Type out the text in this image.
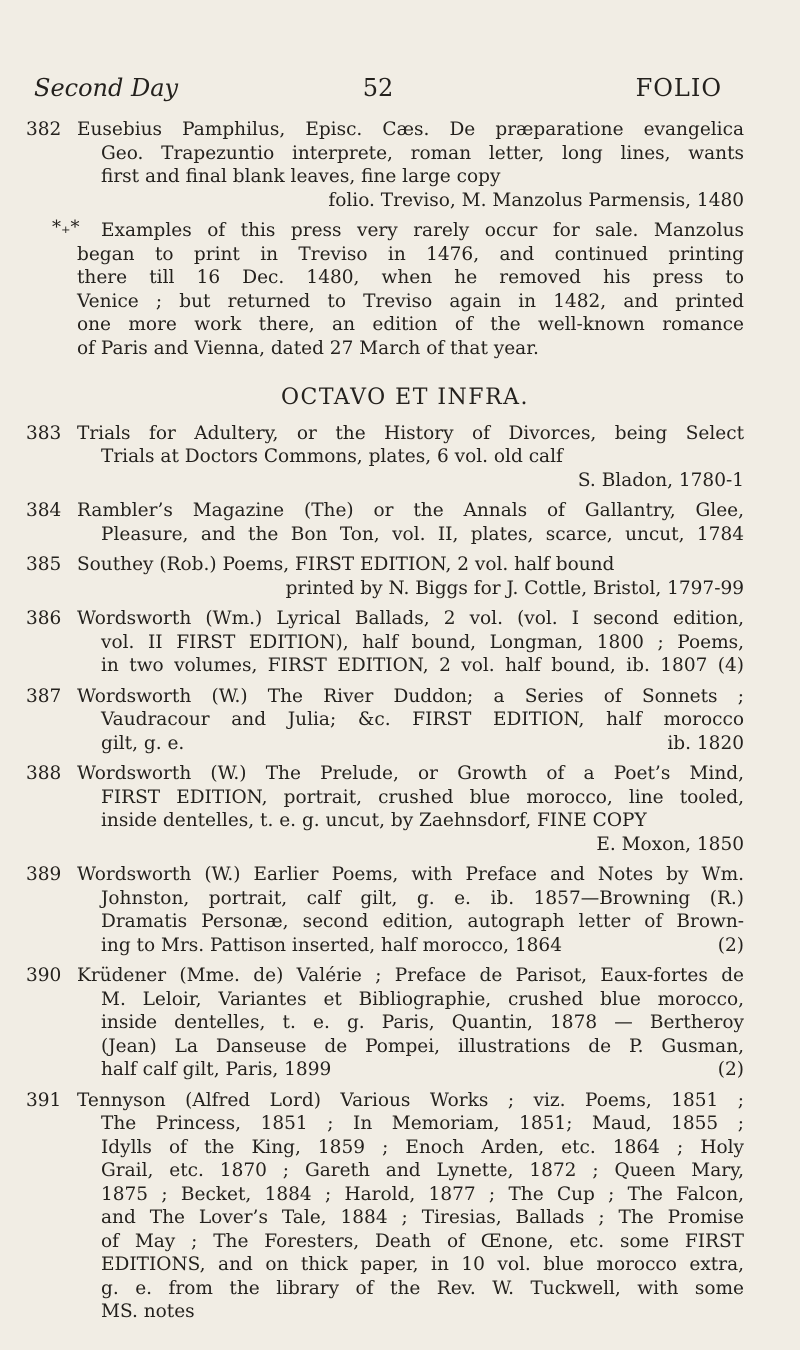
Second Day	52	FOLIO
382 Eusebius Pamphilus, Episc. Cæs. De præparatione evangelica
Geo. Trapezuntio interprete, roman letter, long lines, wants
first and final blank leaves, fine large copy
folio. Treviso, M. Manzolus Parmensis, 1480
*₊*	Examples of this press very rarely occur for sale. Manzolus
began to print in Treviso in 1476, and continued printing
there till 16 Dec. 1480, when he removed his press to
Venice ; but returned to Treviso again in 1482, and printed
one more work there, an edition of the well-known romance
of Paris and Vienna, dated 27 March of that year.
OCTAVO ET INFRA.
383 Trials for Adultery, or the History of Divorces, being Select
Trials at Doctors Commons, plates, 6 vol. old calf
S. Bladon, 1780-1
384 Rambler’s Magazine (The) or the Annals of Gallantry, Glee,
Pleasure, and the Bon Ton, vol. II, plates, scarce, uncut, 1784
385 Southey (Rob.) Poems, FIRST EDITION, 2 vol. half bound
printed by N. Biggs for J. Cottle, Bristol, 1797-99
386 Wordsworth (Wm.) Lyrical Ballads, 2 vol. (vol. I second edition,
vol. II FIRST EDITION), half bound, Longman, 1800 ; Poems,
in two volumes, FIRST EDITION, 2 vol. half bound, ib. 1807 (4)
387 Wordsworth (W.) The River Duddon; a Series of Sonnets ;
Vaudracour and Julia; &c. FIRST EDITION, half morocco
gilt, g. e.	ib. 1820
388 Wordsworth (W.) The Prelude, or Growth of a Poet’s Mind,
FIRST EDITION, portrait, crushed blue morocco, line tooled,
inside dentelles, t. e. g. uncut, by Zaehnsdorf, FINE COPY
E. Moxon, 1850
389 Wordsworth (W.) Earlier Poems, with Preface and Notes by Wm.
Johnston, portrait, calf gilt, g. e. ib. 1857—Browning (R.)
Dramatis Personæ, second edition, autograph letter of Brown-
ing to Mrs. Pattison inserted, half morocco, 1864	(2)
390 Krüdener (Mme. de) Valérie ; Preface de Parisot, Eaux-fortes de
M. Leloir, Variantes et Bibliographie, crushed blue morocco,
inside dentelles, t. e. g. Paris, Quantin, 1878 — Bertheroy
(Jean) La Danseuse de Pompei, illustrations de P. Gusman,
half calf gilt, Paris, 1899	(2)
391 Tennyson (Alfred Lord) Various Works ; viz. Poems, 1851 ;
The Princess, 1851 ; In Memoriam, 1851; Maud, 1855 ;
Idylls of the King, 1859 ; Enoch Arden, etc. 1864 ; Holy
Grail, etc. 1870 ; Gareth and Lynette, 1872 ; Queen Mary,
1875 ; Becket, 1884 ; Harold, 1877 ; The Cup ; The Falcon,
and The Lover’s Tale, 1884 ; Tiresias, Ballads ; The Promise
of May ; The Foresters, Death of Œnone, etc. some FIRST
EDITIONS, and on thick paper, in 10 vol. blue morocco extra,
g. e. from the library of the Rev. W. Tuckwell, with some
MS. notes
